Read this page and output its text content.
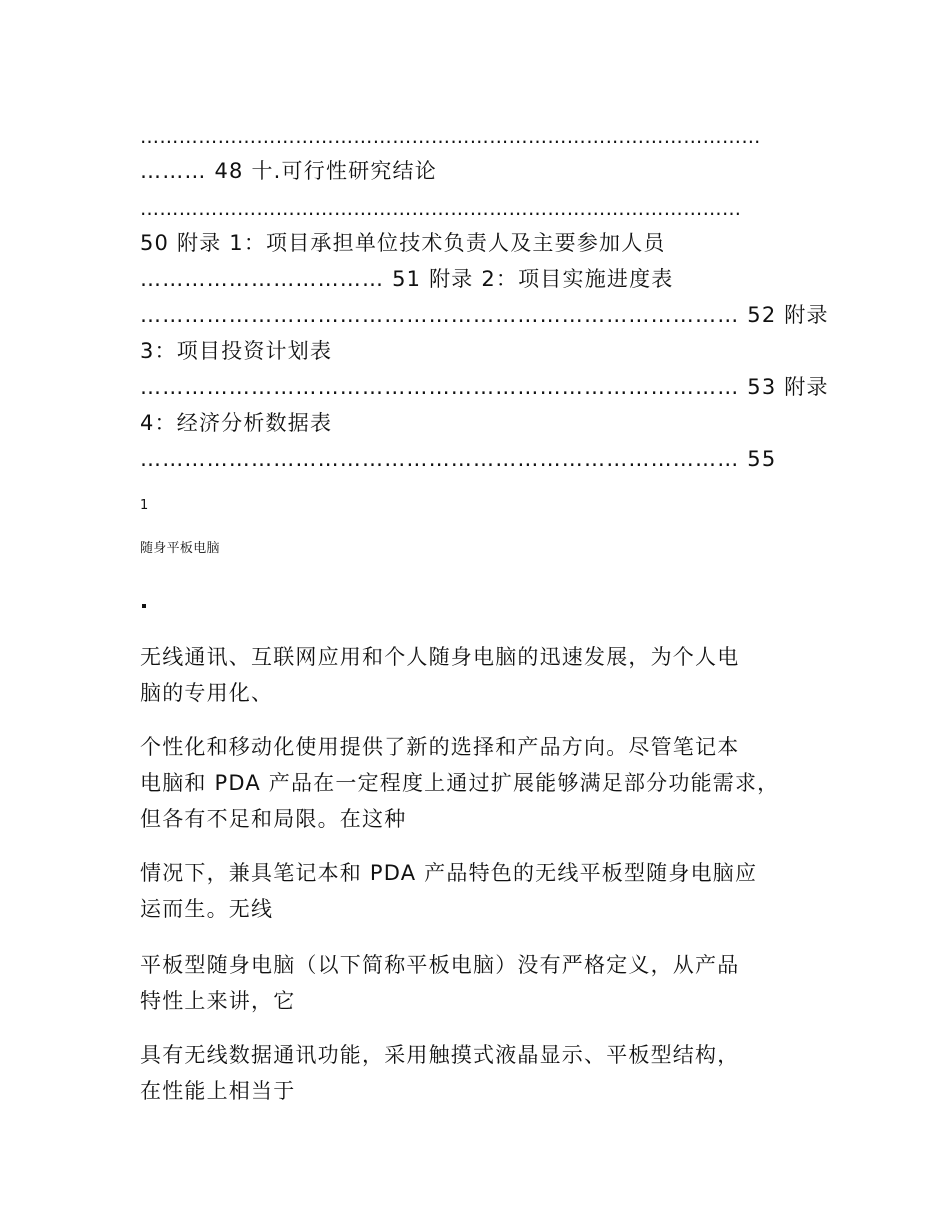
……………………………………………………………………………………
……… 48 十.可行性研究结论
…………………………………………………………………………………
50 附录 1：项目承担单位技术负责人及主要参加人员
…………………………… 51 附录 2：项目实施进度表
……………………………………………………………………… 52 附录
3：项目投资计划表
……………………………………………………………………… 53 附录
4：经济分析数据表
……………………………………………………………………… 55
1
随身平板电脑
无线通讯、互联网应用和个人随身电脑的迅速发展，为个人电
脑的专用化、
个性化和移动化使用提供了新的选择和产品方向。尽管笔记本
电脑和 PDA 产品在一定程度上通过扩展能够满足部分功能需求，
但各有不足和局限。在这种
情况下，兼具笔记本和 PDA 产品特色的无线平板型随身电脑应
运而生。无线
平板型随身电脑（以下简称平板电脑）没有严格定义，从产品
特性上来讲，它
具有无线数据通讯功能，采用触摸式液晶显示、平板型结构，
在性能上相当于
